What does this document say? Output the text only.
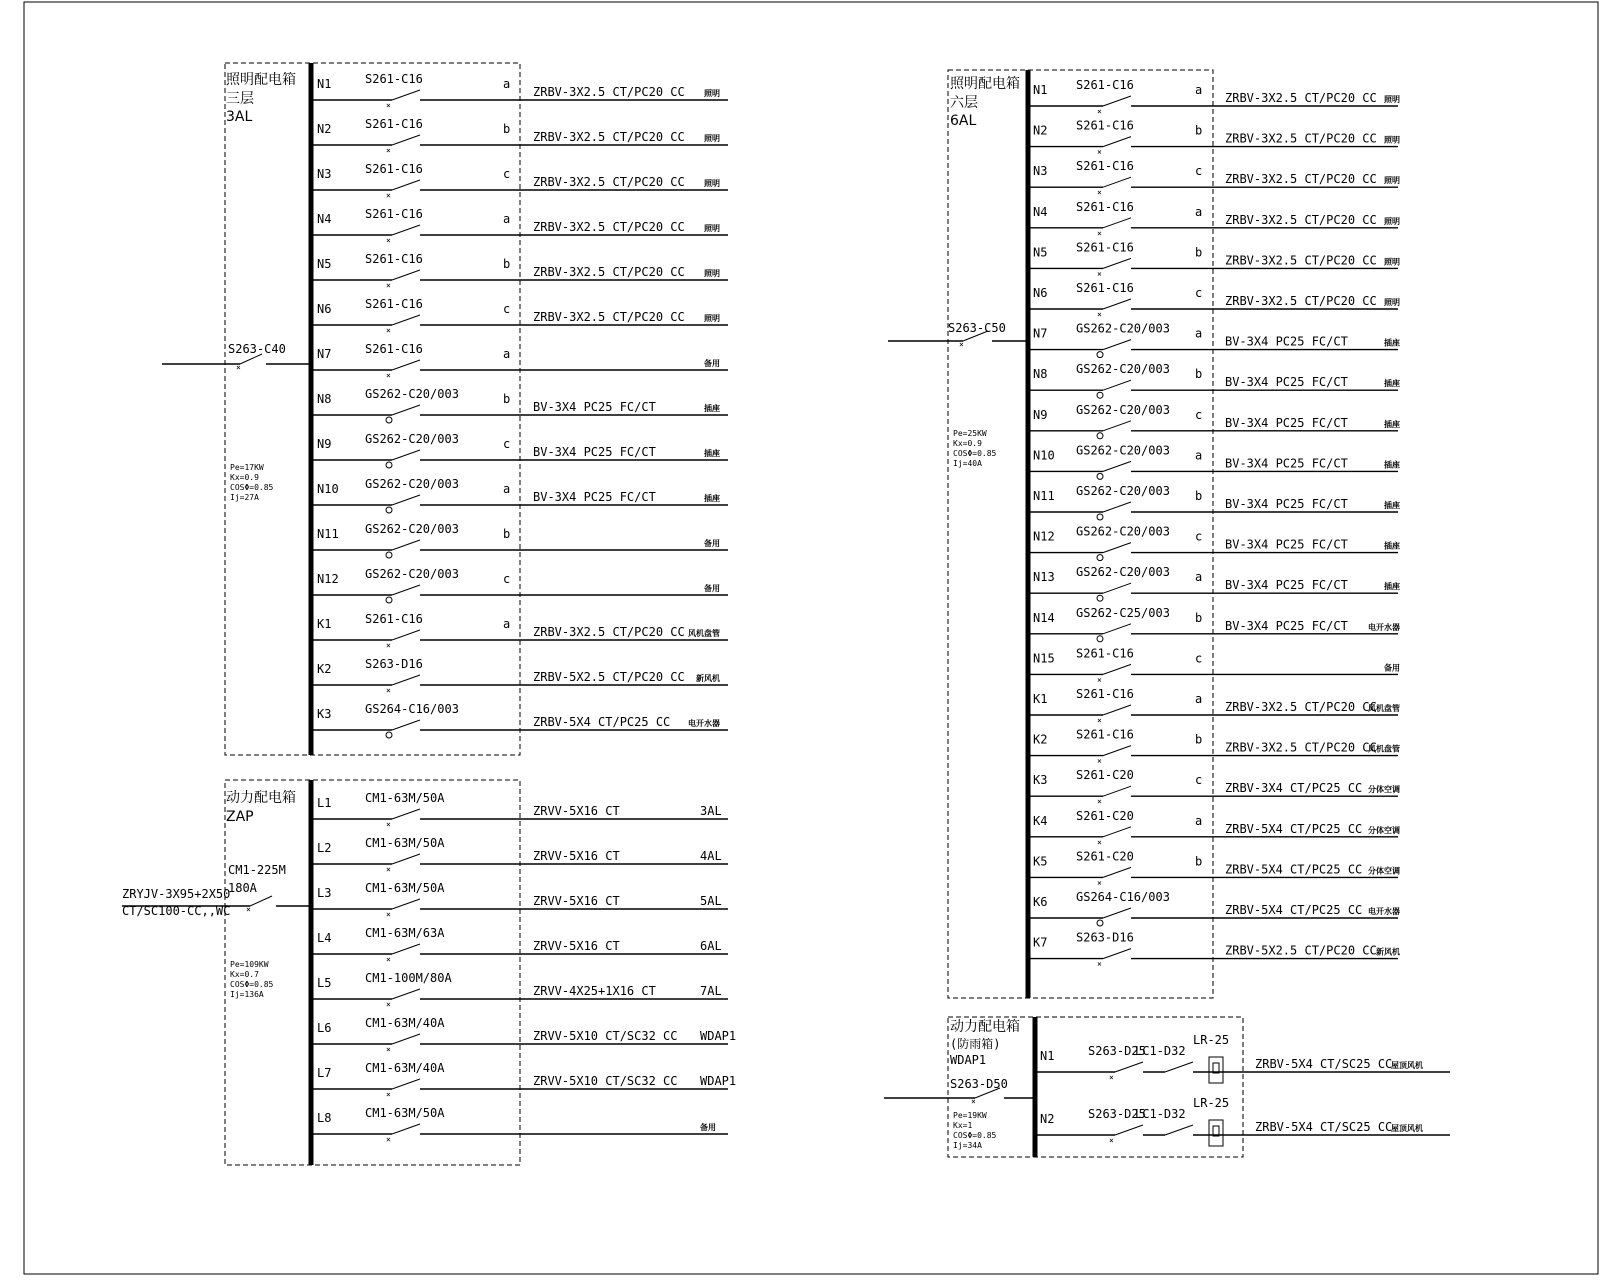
照明配电箱
三层
3AL
×
S263-C40
Pe=17KW
Kx=0.9
COSΦ=0.85
Ij=27A
N1	S261-C16
×
a
ZRBV-3X2.5 CT/PC20 CC 照明
N2	S261-C16
×
b
ZRBV-3X2.5 CT/PC20 CC 照明
N3	S261-C16
×
c
ZRBV-3X2.5 CT/PC20 CC 照明
N4	S261-C16
×
a
ZRBV-3X2.5 CT/PC20 CC 照明
N5	S261-C16
×
b
ZRBV-3X2.5 CT/PC20 CC 照明
N6	S261-C16
×
c
ZRBV-3X2.5 CT/PC20 CC 照明
N7	S261-C16
×
a
备用
N8	GS262-C20/003	b
BV-3X4 PC25 FC/CT	插座
N9	GS262-C20/003	c
BV-3X4 PC25 FC/CT	插座
N10 GS262-C20/003	a
BV-3X4 PC25 FC/CT	插座
N11 GS262-C20/003	b
备用
N12 GS262-C20/003	c
备用
K1	S261-C16
×
a
ZRBV-3X2.5 CT/PC20 CC 风机盘管
K2	S263-D16
×
ZRBV-5X2.5 CT/PC20 CC 新风机
K3	GS264-C16/003
ZRBV-5X4 CT/PC25 CC 电开水器
动力配电箱
ZAP
×
CM1-225M
180A
ZRYJV-3X95+2X50
CT/SC100-CC,,WC
Pe=109KW
Kx=0.7
COSΦ=0.85
Ij=136A
L1	CM1-63M/50A
×
ZRVV-5X16 CT	3AL
L2	CM1-63M/50A
×
ZRVV-5X16 CT	4AL
L3	CM1-63M/50A
×
ZRVV-5X16 CT	5AL
L4	CM1-63M/63A
×
ZRVV-5X16 CT	6AL
L5	CM1-100M/80A
×
ZRVV-4X25+1X16 CT	7AL
L6	CM1-63M/40A
×
ZRVV-5X10 CT/SC32 CC WDAP1
L7	CM1-63M/40A
×
ZRVV-5X10 CT/SC32 CC WDAP1
L8	CM1-63M/50A
×
备用
照明配电箱
六层
6AL
×
S263-C50
Pe=25KW
Kx=0.9
COSΦ=0.85
Ij=40A
N1 S261-C16
×
a
ZRBV-3X2.5 CT/PC20 CC 照明
N2 S261-C16
×
b
ZRBV-3X2.5 CT/PC20 CC 照明
N3 S261-C16
×
c
ZRBV-3X2.5 CT/PC20 CC 照明
N4 S261-C16
×
a
ZRBV-3X2.5 CT/PC20 CC 照明
N5 S261-C16
×
b
ZRBV-3X2.5 CT/PC20 CC 照明
N6 S261-C16
×
c
ZRBV-3X2.5 CT/PC20 CC 照明
N7 GS262-C20/003 a
BV-3X4 PC25 FC/CT	插座
N8 GS262-C20/003 b
BV-3X4 PC25 FC/CT	插座
N9 GS262-C20/003 c
BV-3X4 PC25 FC/CT	插座
N10 GS262-C20/003 a
BV-3X4 PC25 FC/CT	插座
N11 GS262-C20/003 b
BV-3X4 PC25 FC/CT	插座
N12 GS262-C20/003 c
BV-3X4 PC25 FC/CT	插座
N13 GS262-C20/003 a
BV-3X4 PC25 FC/CT	插座
N14 GS262-C25/003 b
BV-3X4 PC25 FC/CT	电开水器
N15 S261-C16
×
c
备用
K1 S261-C16
×
a
ZRBV-3X2.5 CT/PC20 CC
风机盘管
K2 S261-C16
×
b
ZRBV-3X2.5 CT/PC20 CC
风机盘管
K3 S261-C20
×
c
ZRBV-3X4 CT/PC25 CC 分体空调
K4 S261-C20
×
a
ZRBV-5X4 CT/PC25 CC 分体空调
K5 S261-C20
×
b
ZRBV-5X4 CT/PC25 CC 分体空调
K6 GS264-C16/003
ZRBV-5X4 CT/PC25 CC 电开水器
K7 S263-D16
×
ZRBV-5X2.5 CT/PC20 CC 新风机
动力配电箱
(防雨箱)
WDAP1
×
S263-D50
Pe=19KW
Kx=1
COSΦ=0.85
Ij=34A
N1	S263-D25
×
LC1-D32
LR-25
ZRBV-5X4 CT/SC25 CC
屋顶风机
N2	S263-D25
×
LC1-D32
LR-25
ZRBV-5X4 CT/SC25 CC
屋顶风机
